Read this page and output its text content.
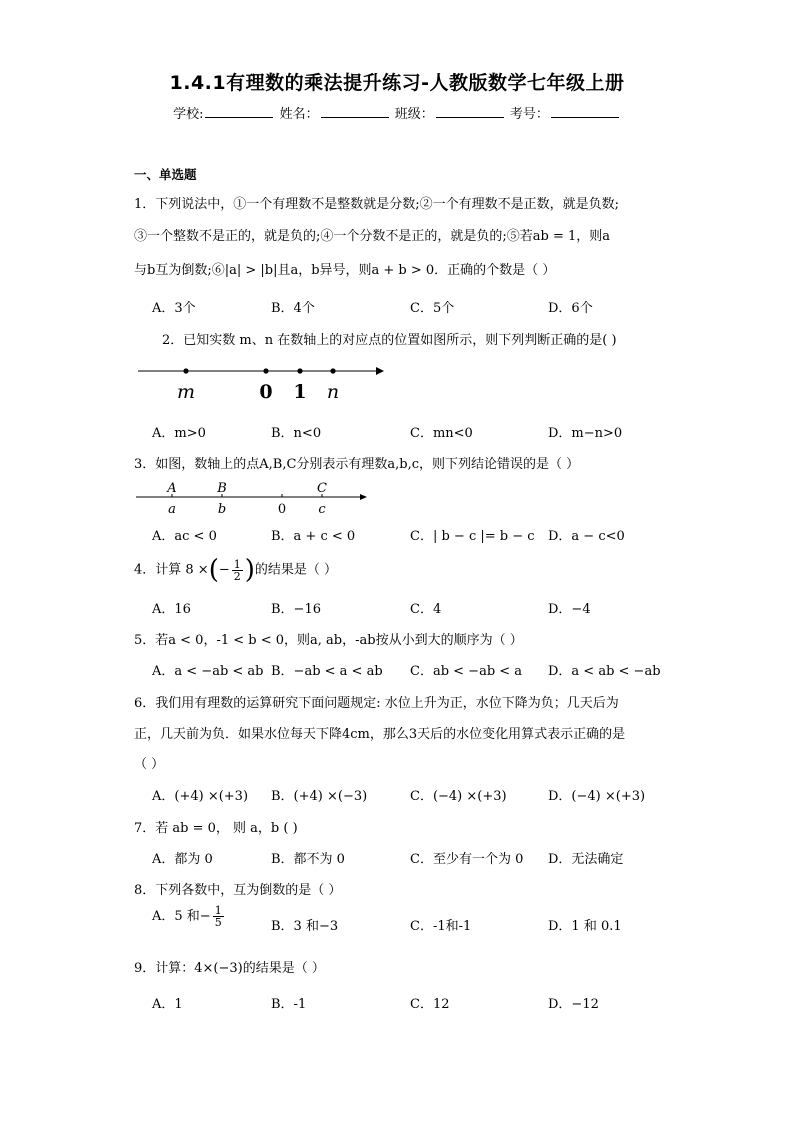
1.4.1有理数的乘法提升练习-人教版数学七年级上册
学校:	姓名：	班级：	考号：
一、单选题
1．下列说法中，①一个有理数不是整数就是分数;②一个有理数不是正数，就是负数;
③一个整数不是正的，就是负的;④一个分数不是正的，就是负的;⑤若ab = 1，则a
与b互为倒数;⑥|a| > |b|且a，b异号，则a + b > 0．正确的个数是（ ）
A．3个	B．4个	C．5个	D．6个
2．已知实数 m、n 在数轴上的对应点的位置如图所示，则下列判断正确的是( )
m	0 1 n
A．m>0	B．n<0	C．mn<0	D．m−n>0
3．如图，数轴上的点A,B,C分别表示有理数a,b,c，则下列结论错误的是（ ）
A	B	C
a	b	0 c
A．ac < 0	B．a + c < 0	C．| b − c |= b − c D．a − c<0
4．计算 8 ×(− $\frac{1}{2}$ )的结果是（ ）
A．16	B．−16	C．4	D．−4
5．若a < 0，-1 < b < 0，则a, ab，-ab按从小到大的顺序为（ ）
A．a < −ab < ab B．−ab < a < ab C．ab < −ab < a D．a < ab < −ab
6．我们用有理数的运算研究下面问题规定: 水位上升为正，水位下降为负；几天后为
正，几天前为负．如果水位每天下降4cm，那么3天后的水位变化用算式表示正确的是
（ ）
A．(+4) ×(+3) B．(+4) ×(−3)	C．(−4) ×(+3)	D．(−4) ×(+3)
7．若 ab = 0， 则 a，b ( )
A．都为 0	B．都不为 0	C．至少有一个为 0 D．无法确定
8．下列各数中，互为倒数的是（ ）
A．5 和− $\frac{1}{5}$	B．3 和−3	C．-1和-1	D．1 和 0.1
9．计算：4×(−3)的结果是（ ）
A．1	B．-1	C．12	D．−12
